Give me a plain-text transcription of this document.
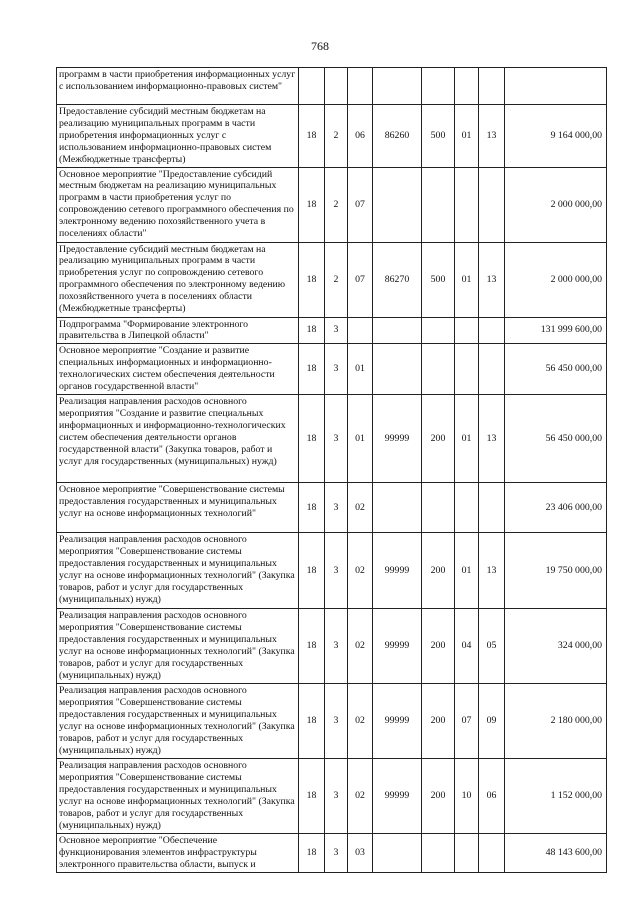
768
программ в части приобретения информационных услуг с использованием информационно-правовых систем"								
Предоставление субсидий местным бюджетам на реализацию муниципальных программ в части приобретения информационных услуг с использованием информационно-правовых систем (Межбюджетные трансферты)	18	2	06	86260	500	01	13	9 164 000,00
Основное мероприятие "Предоставление субсидий местным бюджетам на реализацию муниципальных программ в части приобретения услуг по сопровождению сетевого программного обеспечения по электронному ведению похозяйственного учета в поселениях области"	18	2	07					2 000 000,00
Предоставление субсидий местным бюджетам на реализацию муниципальных программ в части приобретения услуг по сопровождению сетевого программного обеспечения по электронному ведению похозяйственного учета в поселениях области (Межбюджетные трансферты)	18	2	07	86270	500	01	13	2 000 000,00
Подпрограмма "Формирование электронного правительства в Липецкой области"	18	3						131 999 600,00
Основное мероприятие "Создание и развитие специальных информационных и информационно-технологических систем обеспечения деятельности органов государственной власти"	18	3	01					56 450 000,00
Реализация направления расходов основного мероприятия "Создание и развитие специальных информационных и информационно-технологических систем обеспечения деятельности органов государственной власти" (Закупка товаров, работ и услуг для государственных (муниципальных) нужд)	18	3	01	99999	200	01	13	56 450 000,00
Основное мероприятие "Совершенствование системы предоставления государственных и муниципальных услуг на основе информационных технологий"	18	3	02					23 406 000,00
Реализация направления расходов основного мероприятия "Совершенствование системы предоставления государственных и муниципальных услуг на основе информационных технологий" (Закупка товаров, работ и услуг для государственных (муниципальных) нужд)	18	3	02	99999	200	01	13	19 750 000,00
Реализация направления расходов основного мероприятия "Совершенствование системы предоставления государственных и муниципальных услуг на основе информационных технологий" (Закупка товаров, работ и услуг для государственных (муниципальных) нужд)	18	3	02	99999	200	04	05	324 000,00
Реализация направления расходов основного мероприятия "Совершенствование системы предоставления государственных и муниципальных услуг на основе информационных технологий" (Закупка товаров, работ и услуг для государственных (муниципальных) нужд)	18	3	02	99999	200	07	09	2 180 000,00
Реализация направления расходов основного мероприятия "Совершенствование системы предоставления государственных и муниципальных услуг на основе информационных технологий" (Закупка товаров, работ и услуг для государственных (муниципальных) нужд)	18	3	02	99999	200	10	06	1 152 000,00
Основное мероприятие "Обеспечение функционирования элементов инфраструктуры электронного правительства области, выпуск и	18	3	03					48 143 600,00
